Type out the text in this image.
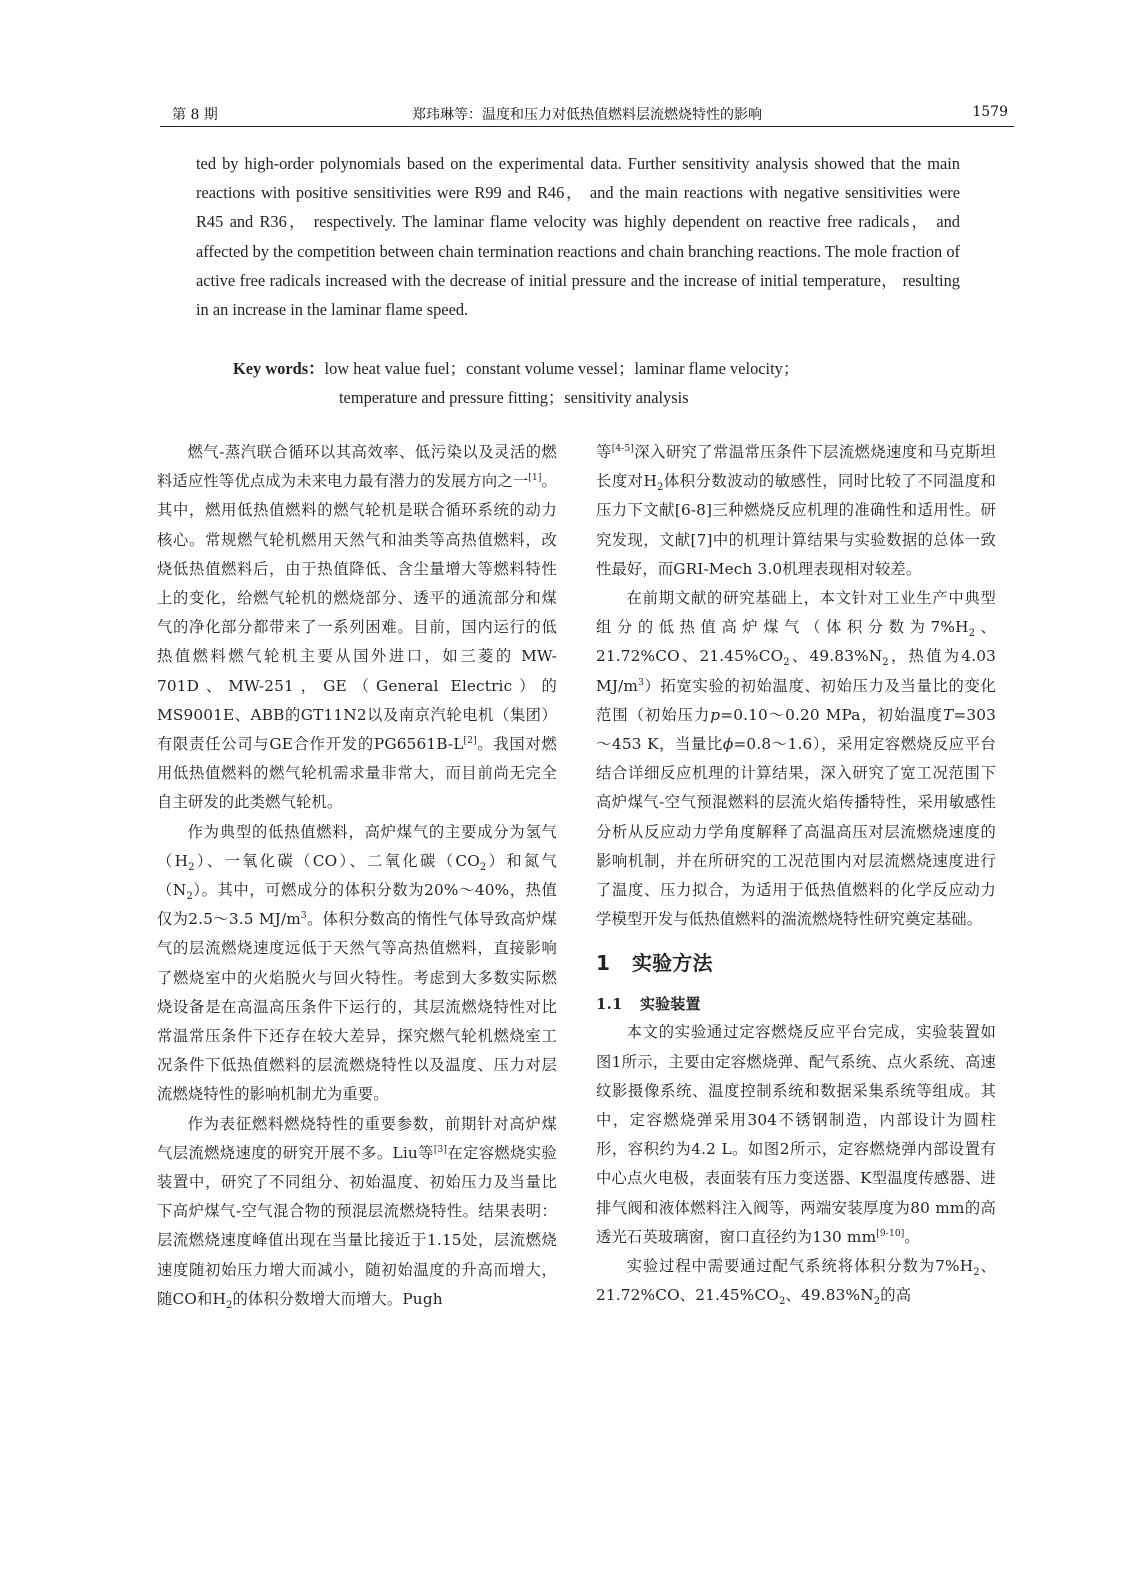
第 8 期	郑玮琳等：温度和压力对低热值燃料层流燃烧特性的影响	1579
ted by high-order polynomials based on the experimental data. Further sensitivity analysis showed that the main reactions with positive sensitivities were R99 and R46， and the main reactions with negative sensitivities were R45 and R36， respectively. The laminar flame velocity was highly dependent on reactive free radicals， and affected by the competition between chain termination reactions and chain branching reactions. The mole fraction of active free radicals increased with the decrease of initial pressure and the increase of initial temperature， resulting in an increase in the laminar flame speed.
Key words：low heat value fuel；constant volume vessel；laminar flame velocity；
temperature and pressure fitting；sensitivity analysis

燃气-蒸汽联合循环以其高效率、低污染以及灵活的燃料适应性等优点成为未来电力最有潜力的发展方向之一[1]。其中，燃用低热值燃料的燃气轮机是联合循环系统的动力核心。常规燃气轮机燃用天然气和油类等高热值燃料，改烧低热值燃料后，由于热值降低、含尘量增大等燃料特性上的变化，给燃气轮机的燃烧部分、透平的通流部分和煤气的净化部分都带来了一系列困难。目前，国内运行的低热值燃料燃气轮机主要从国外进口，如三菱的 MW-701D、MW-251，GE（General Electric）的MS9001E、ABB的GT11N2以及南京汽轮电机（集团）有限责任公司与GE合作开发的PG6561B-L[2]。我国对燃用低热值燃料的燃气轮机需求量非常大，而目前尚无完全自主研发的此类燃气轮机。

作为典型的低热值燃料，高炉煤气的主要成分为氢气$(H_2)$、一氧化碳（CO）、二氧化碳$(CO_2)$和氮气$(N_2)$。其中，可燃成分的体积分数为20%～40%，热值仅为2.5～3.5 $MJ/m^3$。体积分数高的惰性气体导致高炉煤气的层流燃烧速度远低于天然气等高热值燃料，直接影响了燃烧室中的火焰脱火与回火特性。考虑到大多数实际燃烧设备是在高温高压条件下运行的，其层流燃烧特性对比常温常压条件下还存在较大差异，探究燃气轮机燃烧室工况条件下低热值燃料的层流燃烧特性以及温度、压力对层流燃烧特性的影响机制尤为重要。

作为表征燃料燃烧特性的重要参数，前期针对高炉煤气层流燃烧速度的研究开展不多。Liu等[3]在定容燃烧实验装置中，研究了不同组分、初始温度、初始压力及当量比下高炉煤气-空气混合物的预混层流燃烧特性。结果表明：层流燃烧速度峰值出现在当量比接近于1.15处，层流燃烧速度随初始压力增大而减小，随初始温度的升高而增大，随CO和$H_2$的体积分数增大而增大。Pugh

等[4-5]深入研究了常温常压条件下层流燃烧速度和马克斯坦长度对$H_2$体积分数波动的敏感性，同时比较了不同温度和压力下文献[6-8]三种燃烧反应机理的准确性和适用性。研究发现，文献[7]中的机理计算结果与实验数据的总体一致性最好，而GRI-Mech 3.0机理表现相对较差。

在前期文献的研究基础上，本文针对工业生产中典型组分的低热值高炉煤气（体积分数为$7\%H_2$、21.72%CO、$21.45\%CO_2$、$49.83\%N_2$，热值为4.03 $MJ/m^3$）拓宽实验的初始温度、初始压力及当量比的变化范围（初始压力p=0.10～0.20 MPa，初始温度T=303～453 K，当量比ϕ=0.8～1.6），采用定容燃烧反应平台结合详细反应机理的计算结果，深入研究了宽工况范围下高炉煤气-空气预混燃料的层流火焰传播特性，采用敏感性分析从反应动力学角度解释了高温高压对层流燃烧速度的影响机制，并在所研究的工况范围内对层流燃烧速度进行了温度、压力拟合，为适用于低热值燃料的化学反应动力学模型开发与低热值燃料的湍流燃烧特性研究奠定基础。

1 实验方法
1.1 实验装置

本文的实验通过定容燃烧反应平台完成，实验装置如图1所示，主要由定容燃烧弹、配气系统、点火系统、高速纹影摄像系统、温度控制系统和数据采集系统等组成。其中，定容燃烧弹采用304不锈钢制造，内部设计为圆柱形，容积约为4.2 L。如图2所示，定容燃烧弹内部设置有中心点火电极，表面装有压力变送器、K型温度传感器、进排气阀和液体燃料注入阀等，两端安装厚度为80 mm的高透光石英玻璃窗，窗口直径约为130 mm[9-10]。

实验过程中需要通过配气系统将体积分数为$7\%H_2$、21.72%CO、$21.45\%CO_2$、$49.83\%N_2$的高
